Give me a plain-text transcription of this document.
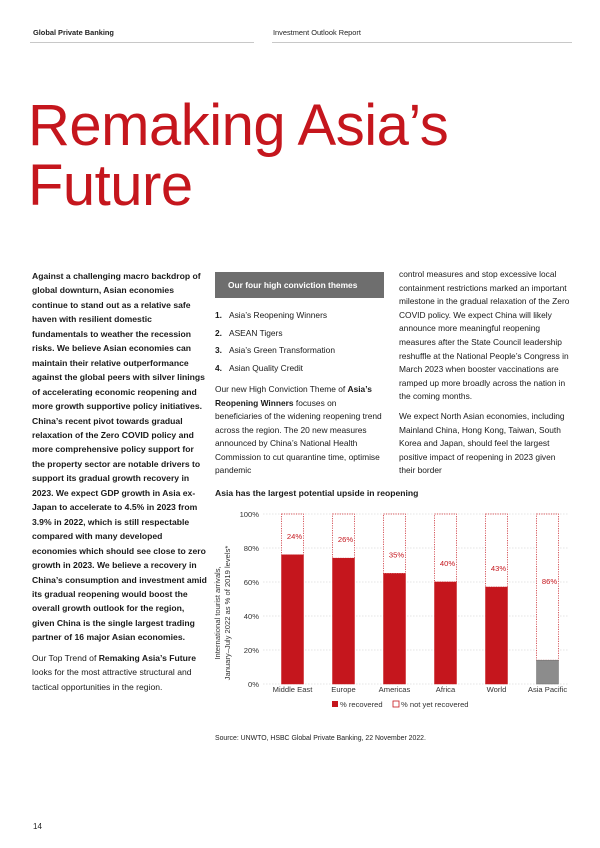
Global Private Banking	Investment Outlook Report
Remaking Asia’s
Future

Against a challenging macro backdrop of global downturn, Asian economies continue to stand out as a relative safe haven with resilient domestic fundamentals to weather the recession risks. We believe Asian economies can maintain their relative outperformance against the global peers with silver linings of accelerating economic reopening and more growth supportive policy initiatives. China’s recent pivot towards gradual relaxation of the Zero COVID policy and more comprehensive policy support for the property sector are notable drivers to support its gradual growth recovery in 2023. We expect GDP growth in Asia ex-Japan to accelerate to 4.5% in 2023 from 3.9% in 2022, which is still respectable compared with many developed economies which should see close to zero growth in 2023. We believe a recovery in China’s consumption and investment amid its gradual reopening would boost the overall growth outlook for the region, given China is the single largest trading partner of 16 major Asian economies.

Our Top Trend of Remaking Asia’s Future looks for the most attractive structural and tactical opportunities in the region.

Our four high conviction themes
1. Asia’s Reopening Winners
2. ASEAN Tigers
3. Asia’s Green Transformation
4. Asian Quality Credit

Our new High Conviction Theme of Asia’s Reopening Winners focuses on beneficiaries of the widening reopening trend across the region. The 20 new measures announced by China’s National Health Commission to cut quarantine time, optimise pandemic

control measures and stop excessive local containment restrictions marked an important milestone in the gradual relaxation of the Zero COVID policy. We expect China will likely announce more meaningful reopening measures after the State Council leadership reshuffle at the National People’s Congress in March 2023 when booster vaccinations are ramped up more broadly across the nation in the coming months.

We expect North Asian economies, including Mainland China, Hong Kong, Taiwan, South Korea and Japan, should feel the largest positive impact of reopening in 2023 given their border

Asia has the largest potential upside in reopening

0%
20%
40%
60%
80%
100%
24%	26%
35%
40%
43%
86%
Middle East Europe	Americas	Africa	World	Asia Pacific
International tourist arrivals, January–July 2022 as % of 2019 levels*
% recovered % not yet recovered

Source: UNWTO, HSBC Global Private Banking, 22 November 2022.

14
